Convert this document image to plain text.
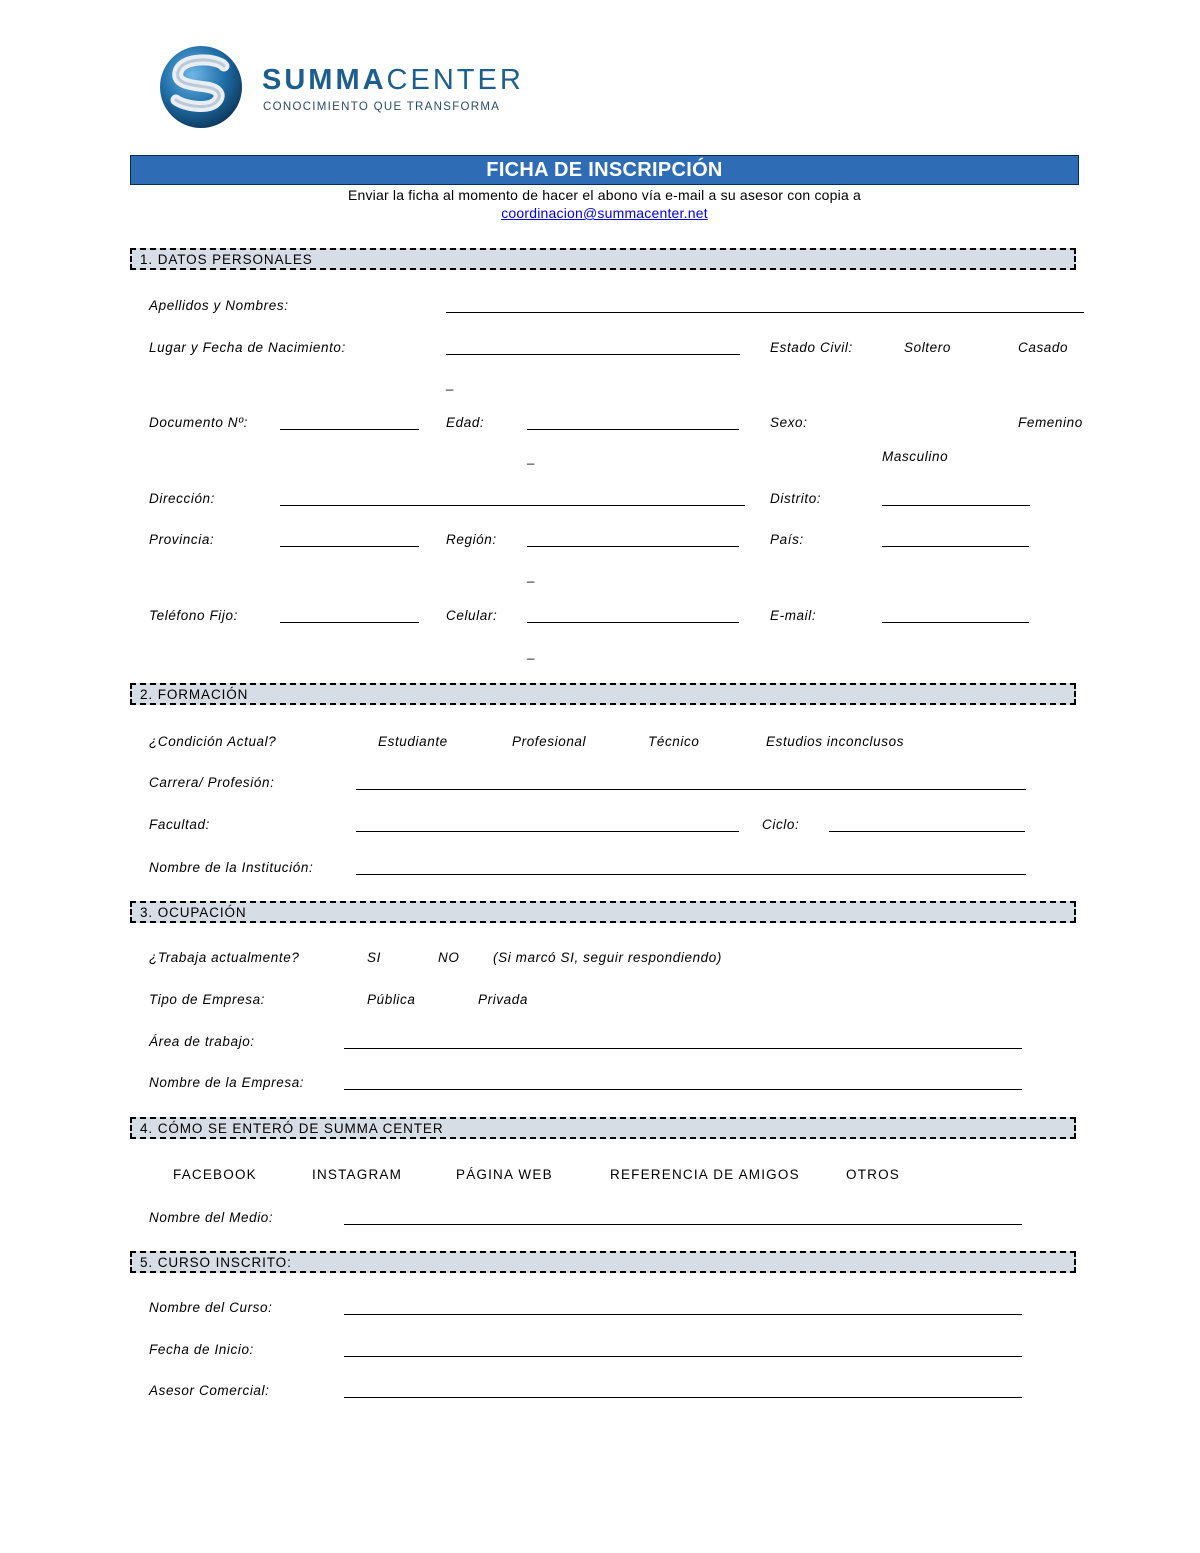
SUMMACENTER
CONOCIMIENTO QUE TRANSFORMA
FICHA DE INSCRIPCIÓN
Enviar la ficha al momento de hacer el abono vía e-mail a su asesor con copia a
coordinacion@summacenter.net
1. DATOS PERSONALES
Apellidos y Nombres:
Lugar y Fecha de Nacimiento:	Estado Civil:	Soltero	Casado
_
Documento Nº:	Edad:	Sexo:	Femenino
_	Masculino
Dirección:	Distrito:
Provincia:	Región:	País:
_
Teléfono Fijo:	Celular:	E-mail:
_
2. FORMACIÓN
¿Condición Actual?	Estudiante	Profesional	Técnico	Estudios inconclusos
Carrera/ Profesión:
Facultad:	Ciclo:
Nombre de la Institución:
3. OCUPACIÓN
¿Trabaja actualmente?	SI	NO (Si marcó SI, seguir respondiendo)
Tipo de Empresa:	Pública	Privada
Área de trabajo:
Nombre de la Empresa:
4. CÓMO SE ENTERÓ DE SUMMA CENTER
FACEBOOK	INSTAGRAM	PÁGINA WEB	REFERENCIA DE AMIGOS	OTROS
Nombre del Medio:
5. CURSO INSCRITO:
Nombre del Curso:
Fecha de Inicio:
Asesor Comercial:
